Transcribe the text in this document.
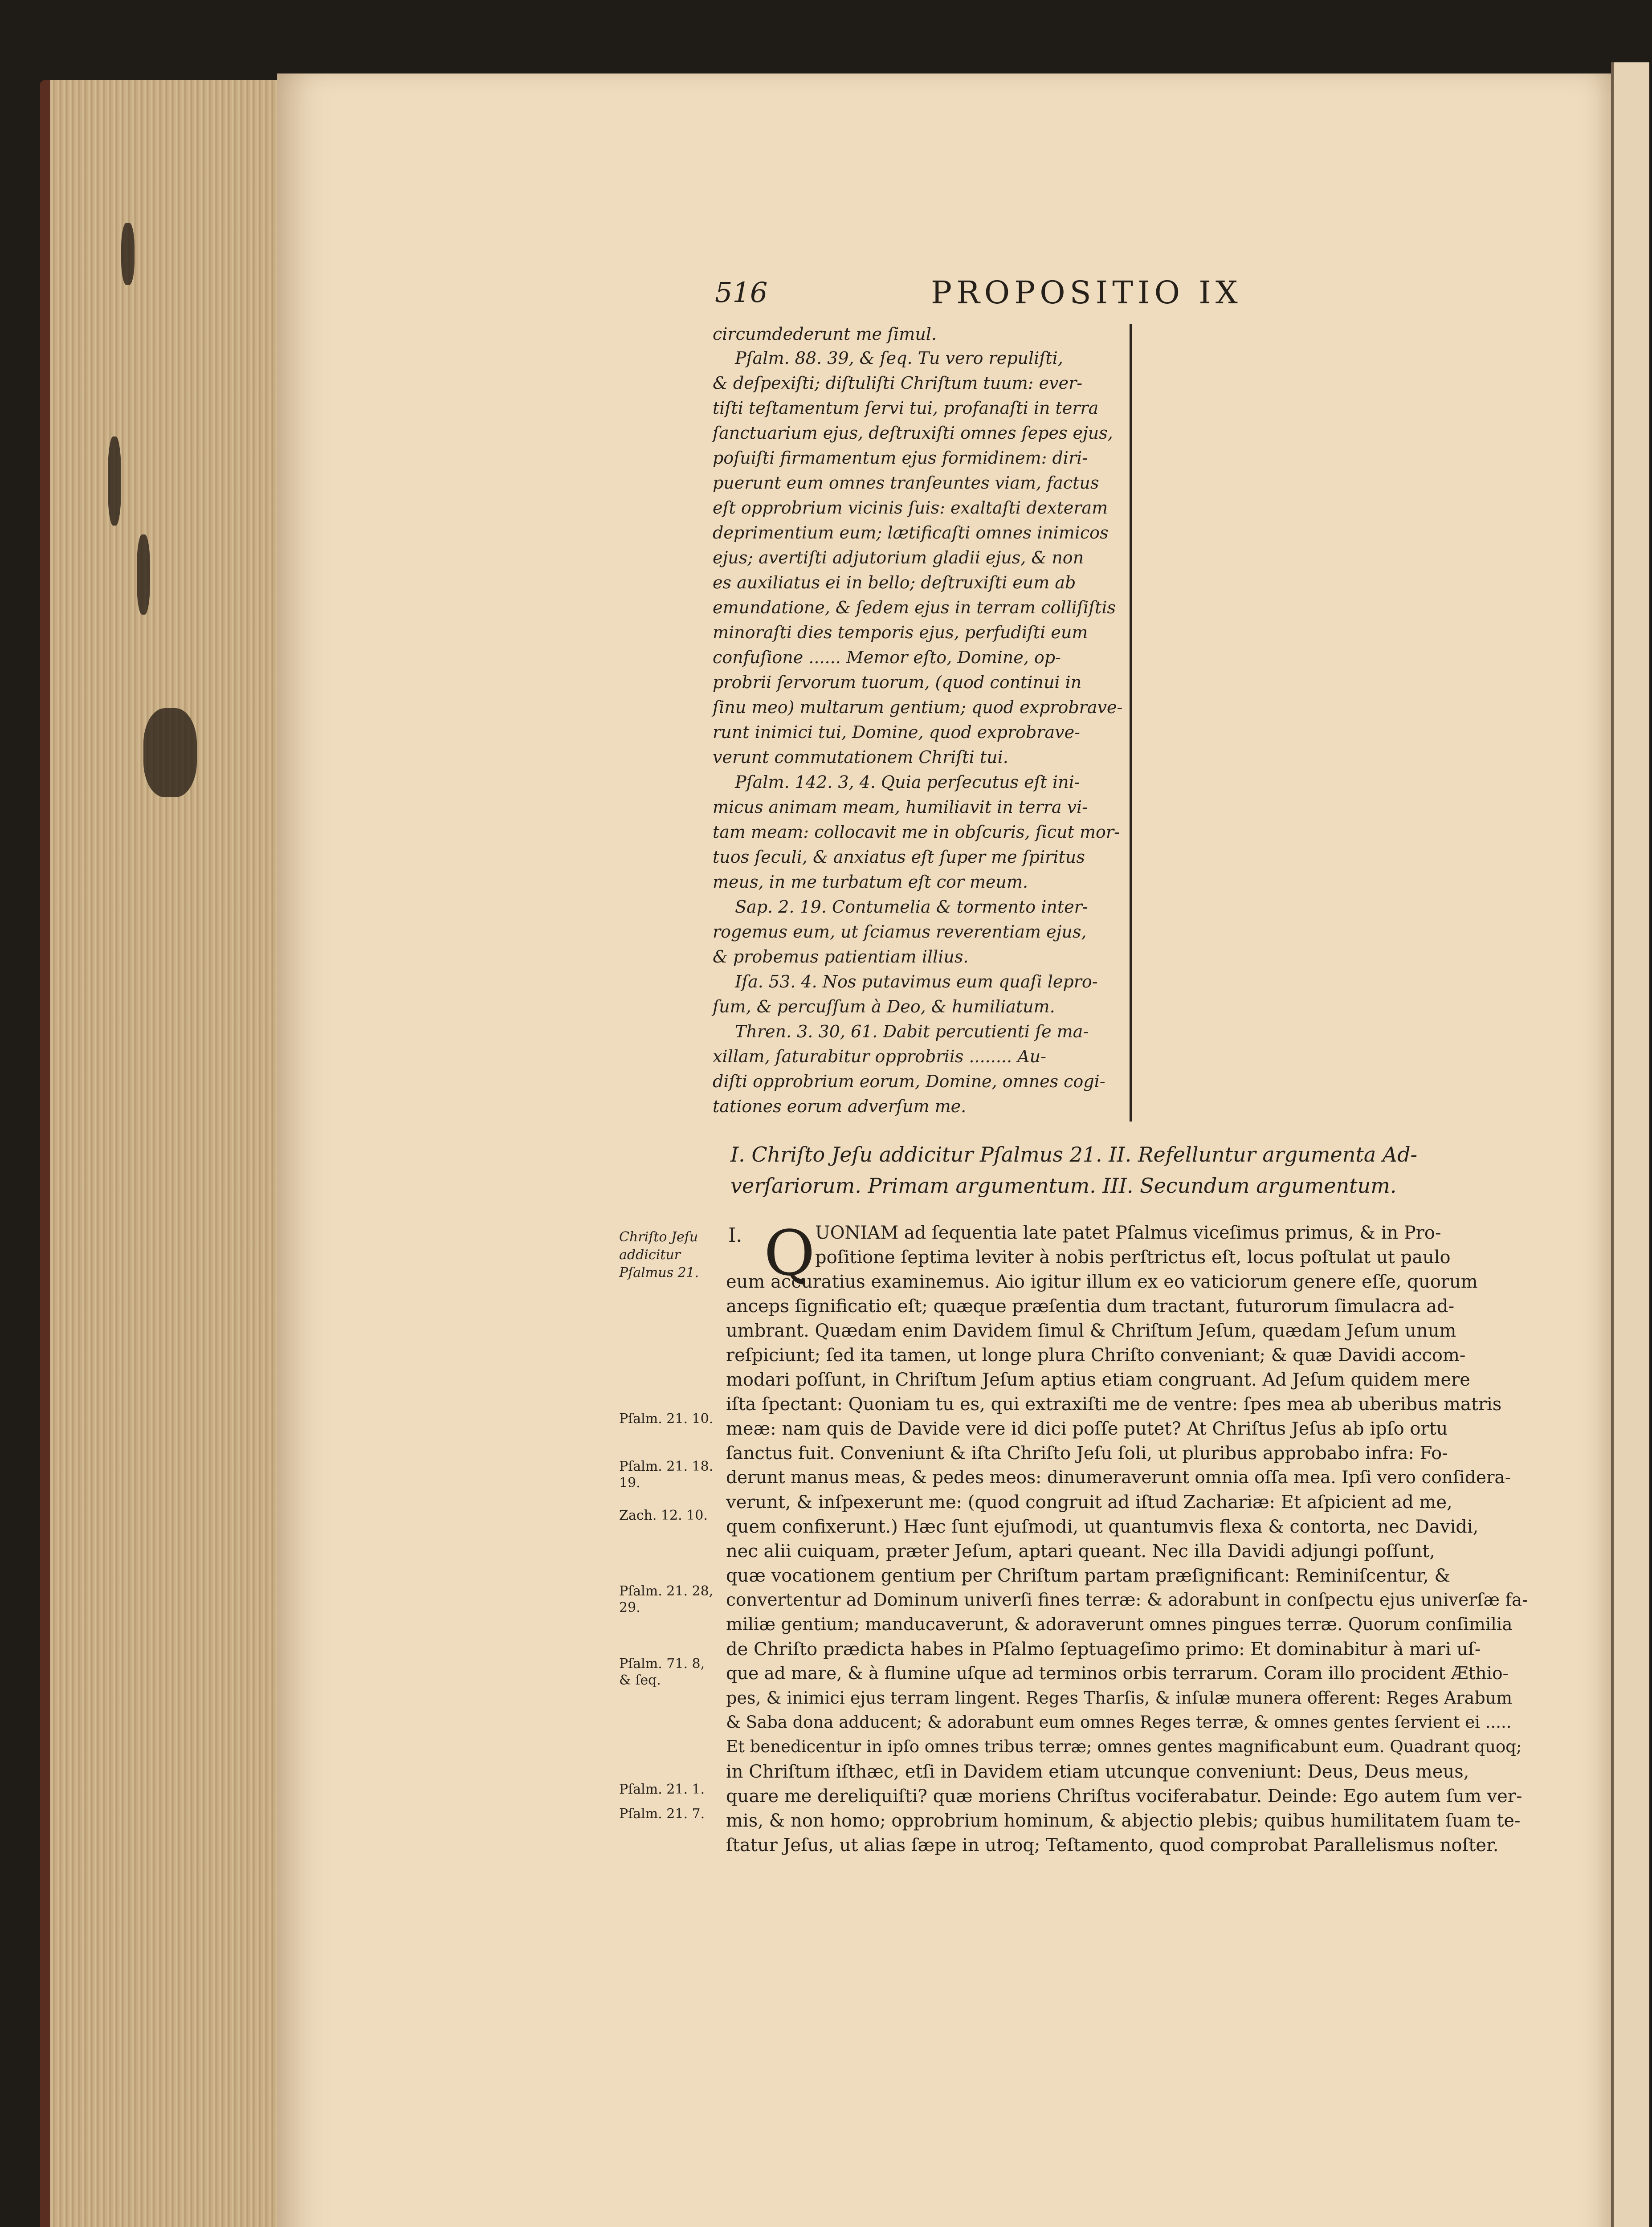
516	PROPOSITIO IX
circumdederunt me ſimul.
Pſalm. 88. 39, & ſeq. Tu vero repuliſti,
& deſpexiſti; diſtuliſti Chriſtum tuum: ever-
tiſti teſtamentum ſervi tui, profanaſti in terra
ſanctuarium ejus, deſtruxiſti omnes ſepes ejus,
poſuiſti firmamentum ejus formidinem: diri-
puerunt eum omnes tranſeuntes viam, factus
eſt opprobrium vicinis ſuis: exaltaſti dexteram
deprimentium eum; lætificaſti omnes inimicos
ejus; avertiſti adjutorium gladii ejus, & non
es auxiliatus ei in bello; deſtruxiſti eum ab
emundatione, & ſedem ejus in terram colliſiſtis
minoraſti dies temporis ejus, perfudiſti eum
confuſione ...... Memor eſto, Domine, op-
probrii ſervorum tuorum, (quod continui in
ſinu meo) multarum gentium; quod exprobrave-
runt inimici tui, Domine, quod exprobrave-
verunt commutationem Chriſti tui.
Pſalm. 142. 3, 4. Quia perſecutus eſt ini-
micus animam meam, humiliavit in terra vi-
tam meam: collocavit me in obſcuris, ſicut mor-
tuos ſeculi, & anxiatus eſt ſuper me ſpiritus
meus, in me turbatum eſt cor meum.
Sap. 2. 19. Contumelia & tormento inter-
rogemus eum, ut ſciamus reverentiam ejus,
& probemus patientiam illius.
Iſa. 53. 4. Nos putavimus eum quaſi lepro-
ſum, & percuſſum à Deo, & humiliatum.
Thren. 3. 30, 61. Dabit percutienti ſe ma-
xillam, ſaturabitur opprobriis ........ Au-
diſti opprobrium eorum, Domine, omnes cogi-
tationes eorum adverſum me.
I. Chriſto Jeſu addicitur Pſalmus 21. II. Refelluntur argumenta Ad-
verſariorum. Primam argumentum. III. Secundum argumentum.
Chriſto Jeſu
addicitur
Pſalmus 21.
Pſalm. 21. 10.
Pſalm. 21. 18.
19.
Zach. 12. 10.
Pſalm. 21. 28,
29.
Pſalm. 71. 8,
& ſeq.
Pſalm. 21. 1.
Pſalm. 21. 7.
I. Q UONIAM ad ſequentia late patet Pſalmus viceſimus primus, & in Pro-
poſitione ſeptima leviter à nobis perſtrictus eſt, locus poſtulat ut paulo
eum accuratius examinemus. Aio igitur illum ex eo vaticiorum genere eſſe, quorum
anceps ſignificatio eſt; quæque præſentia dum tractant, futurorum ſimulacra ad-
umbrant. Quædam enim Davidem ſimul & Chriſtum Jeſum, quædam Jeſum unum
reſpiciunt; ſed ita tamen, ut longe plura Chriſto conveniant; & quæ Davidi accom-
modari poſſunt, in Chriſtum Jeſum aptius etiam congruant. Ad Jeſum quidem mere
iſta ſpectant: Quoniam tu es, qui extraxiſti me de ventre: ſpes mea ab uberibus matris
meæ: nam quis de Davide vere id dici poſſe putet? At Chriſtus Jeſus ab ipſo ortu
ſanctus fuit. Conveniunt & iſta Chriſto Jeſu ſoli, ut pluribus approbabo infra: Fo-
derunt manus meas, & pedes meos: dinumeraverunt omnia oſſa mea. Ipſi vero conſidera-
verunt, & inſpexerunt me: (quod congruit ad iſtud Zachariæ: Et aſpicient ad me,
quem confixerunt.) Hæc ſunt ejuſmodi, ut quantumvis flexa & contorta, nec Davidi,
nec alii cuiquam, præter Jeſum, aptari queant. Nec illa Davidi adjungi poſſunt,
quæ vocationem gentium per Chriſtum partam præſignificant: Reminiſcentur, &
convertentur ad Dominum univerſi fines terræ: & adorabunt in conſpectu ejus univerſæ fa-
miliæ gentium; manducaverunt, & adoraverunt omnes pingues terræ. Quorum conſimilia
de Chriſto prædicta habes in Pſalmo ſeptuageſimo primo: Et dominabitur à mari uſ-
que ad mare, & à flumine uſque ad terminos orbis terrarum. Coram illo procident Æthio-
pes, & inimici ejus terram lingent. Reges Tharſis, & inſulæ munera offerent: Reges Arabum
& Saba dona adducent; & adorabunt eum omnes Reges terræ, & omnes gentes ſervient ei .....
Et benedicentur in ipſo omnes tribus terræ; omnes gentes magnificabunt eum. Quadrant quoq;
in Chriſtum iſthæc, etſi in Davidem etiam utcunque conveniunt: Deus, Deus meus,
quare me dereliquiſti? quæ moriens Chriſtus vociferabatur. Deinde: Ego autem ſum ver-
mis, & non homo; opprobrium hominum, & abjectio plebis; quibus humilitatem ſuam te-
ſtatur Jeſus, ut alias ſæpe in utroq; Teſtamento, quod comprobat Parallelismus noſter.
